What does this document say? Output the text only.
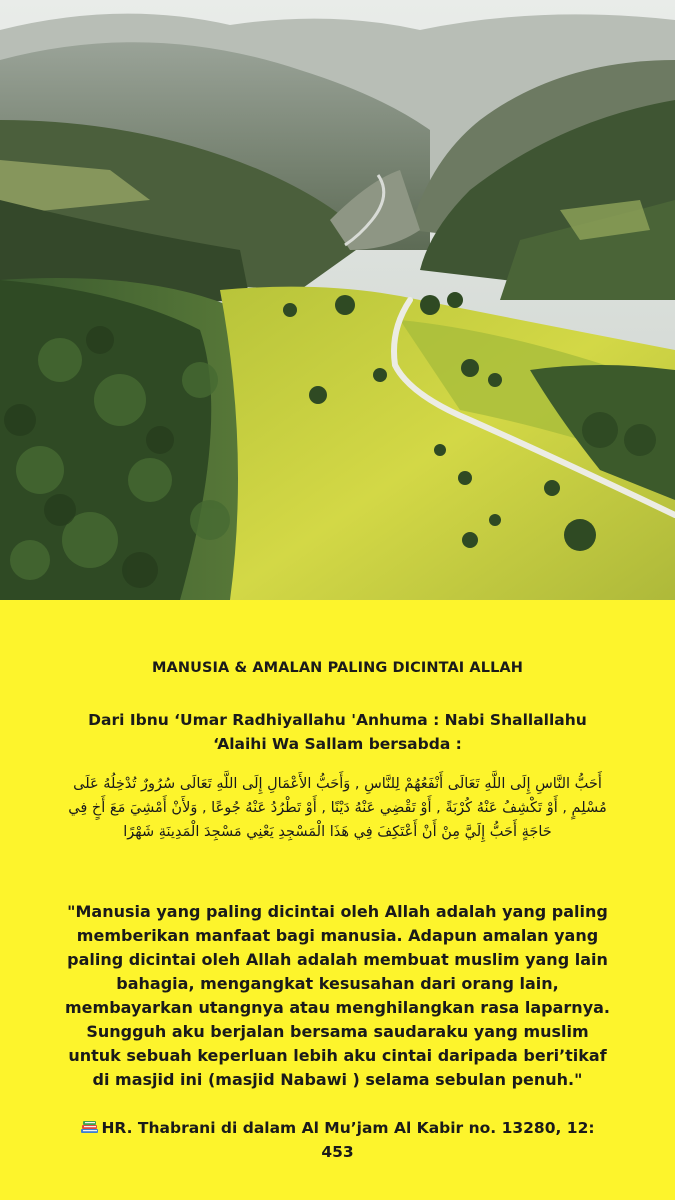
MANUSIA & AMALAN PALING DICINTAI ALLAH
Dari Ibnu ‘Umar Radhiyallahu 'Anhuma : Nabi Shallallahu ‘Alaihi Wa Sallam bersabda :
أَحَبُّ النَّاسِ إِلَى اللَّهِ تَعَالَى أَنْفَعُهُمْ لِلنَّاسِ , وَأَحَبُّ الأَعْمَالِ إِلَى اللَّهِ تَعَالَى سُرُورٌ تُدْخِلُهُ عَلَى مُسْلِمٍ , أَوْ تَكْشِفُ عَنْهُ كُرْبَةً , أَوْ تَقْضِي عَنْهُ دَيْنًا , أَوْ تَطْرُدُ عَنْهُ جُوعًا , وَلأَنْ أَمْشِيَ مَعَ أَخٍ فِي حَاجَةٍ أَحَبُّ إِلَيَّ مِنْ أَنْ أَعْتَكِفَ فِي هَذَا الْمَسْجِدِ يَعْنِي مَسْجِدَ الْمَدِينَةِ شَهْرًا
"Manusia yang paling dicintai oleh Allah adalah yang paling memberikan manfaat bagi manusia. Adapun amalan yang paling dicintai oleh Allah adalah membuat muslim yang lain bahagia, mengangkat kesusahan dari orang lain, membayarkan utangnya atau menghilangkan rasa laparnya. Sungguh aku berjalan bersama saudaraku yang muslim untuk sebuah keperluan lebih aku cintai daripada beri’tikaf di masjid ini (masjid Nabawi ) selama sebulan penuh."
HR. Thabrani di dalam Al Mu’jam Al Kabir no. 13280, 12: 453
